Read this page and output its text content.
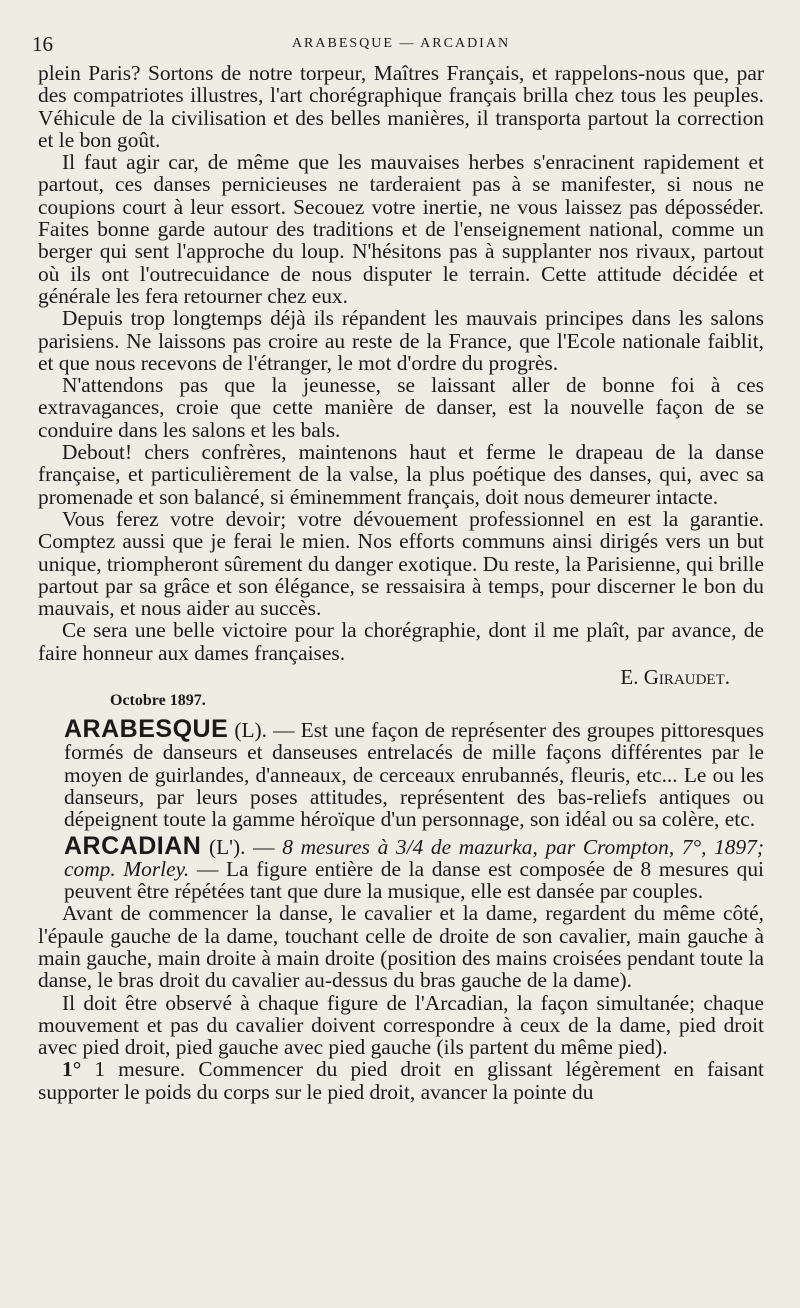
16	ARABESQUE — ARCADIAN

plein Paris? Sortons de notre torpeur, Maîtres Français, et rappelons-nous que, par des compatriotes illustres, l'art chorégraphique français brilla chez tous les peuples. Véhicule de la civilisation et des belles manières, il transporta partout la correction et le bon goût.

Il faut agir car, de même que les mauvaises herbes s'enracinent rapidement et partout, ces danses pernicieuses ne tarderaient pas à se manifester, si nous ne coupions court à leur essort. Secouez votre inertie, ne vous laissez pas déposséder. Faites bonne garde autour des traditions et de l'enseignement national, comme un berger qui sent l'approche du loup. N'hésitons pas à supplanter nos rivaux, partout où ils ont l'outrecuidance de nous disputer le terrain. Cette attitude décidée et générale les fera retourner chez eux.

Depuis trop longtemps déjà ils répandent les mauvais principes dans les salons parisiens. Ne laissons pas croire au reste de la France, que l'Ecole nationale faiblit, et que nous recevons de l'étranger, le mot d'ordre du progrès.

N'attendons pas que la jeunesse, se laissant aller de bonne foi à ces extravagances, croie que cette manière de danser, est la nouvelle façon de se conduire dans les salons et les bals.

Debout! chers confrères, maintenons haut et ferme le drapeau de la danse française, et particulièrement de la valse, la plus poétique des danses, qui, avec sa promenade et son balancé, si éminemment français, doit nous demeurer intacte.

Vous ferez votre devoir; votre dévouement professionnel en est la garantie. Comptez aussi que je ferai le mien. Nos efforts communs ainsi dirigés vers un but unique, triompheront sûrement du danger exotique. Du reste, la Parisienne, qui brille partout par sa grâce et son élégance, se ressaisira à temps, pour discerner le bon du mauvais, et nous aider au succès.

Ce sera une belle victoire pour la chorégraphie, dont il me plaît, par avance, de faire honneur aux dames françaises.

E. Giraudet.
Octobre 1897.

ARABESQUE (L). — Est une façon de représenter des groupes pittoresques formés de danseurs et danseuses entrelacés de mille façons différentes par le moyen de guirlandes, d'anneaux, de cerceaux enrubannés, fleuris, etc... Le ou les danseurs, par leurs poses attitudes, représentent des bas-reliefs antiques ou dépeignent toute la gamme héroïque d'un personnage, son idéal ou sa colère, etc.

ARCADIAN (L'). — 8 mesures à 3/4 de mazurka, par Crompton, 7°, 1897; comp. Morley. — La figure entière de la danse est composée de 8 mesures qui peuvent être répétées tant que dure la musique, elle est dansée par couples.

Avant de commencer la danse, le cavalier et la dame, regardent du même côté, l'épaule gauche de la dame, touchant celle de droite de son cavalier, main gauche à main gauche, main droite à main droite (position des mains croisées pendant toute la danse, le bras droit du cavalier au-dessus du bras gauche de la dame).

Il doit être observé à chaque figure de l'Arcadian, la façon simultanée; chaque mouvement et pas du cavalier doivent correspondre à ceux de la dame, pied droit avec pied droit, pied gauche avec pied gauche (ils partent du même pied).

1° 1 mesure. Commencer du pied droit en glissant légèrement en faisant supporter le poids du corps sur le pied droit, avancer la pointe du
